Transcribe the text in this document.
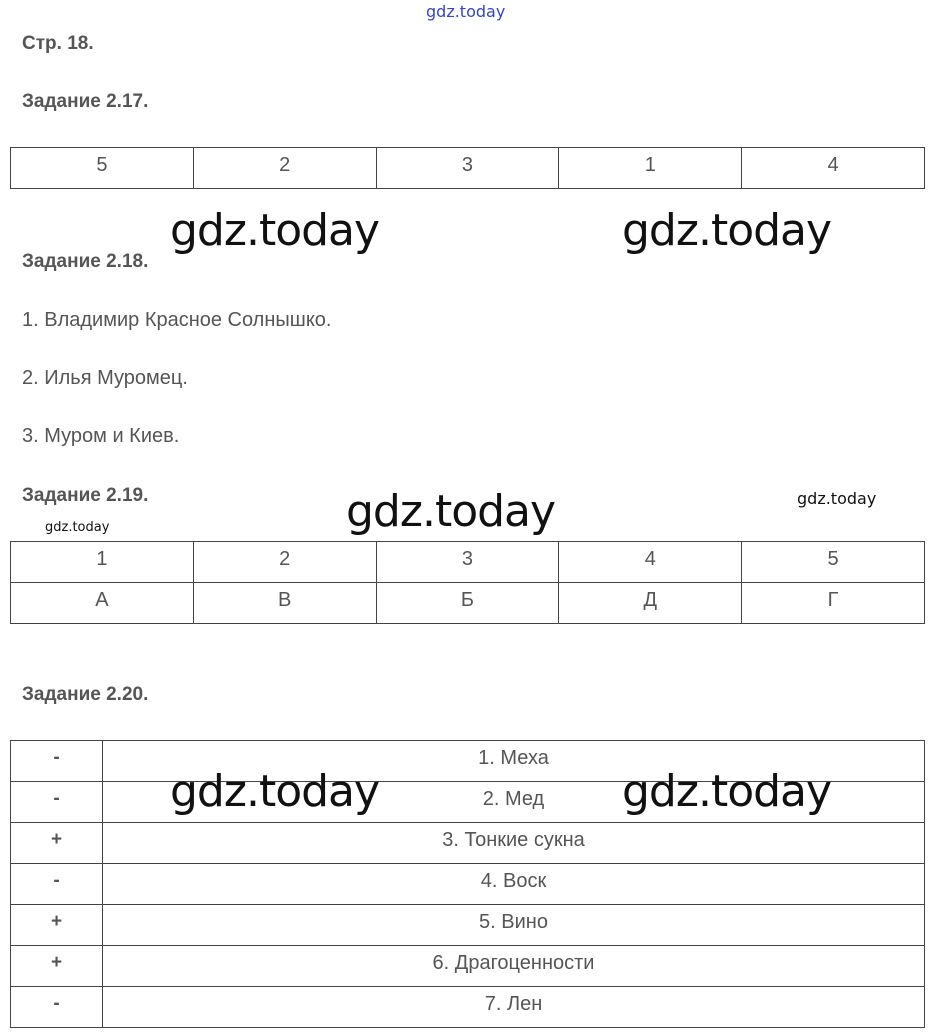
gdz.today
Стр. 18.
Задание 2.17.
5	2	3	1	4
gdz.today	gdz.today
Задание 2.18.
1. Владимир Красное Солнышко.
2. Илья Муромец.
3. Муром и Киев.
Задание 2.19.	gdz.today	gdz.today
gdz.today
1	2	3	4	5
А	В	Б	Д	Г
Задание 2.20.
-	1. Меха
-	2. Мед
+	3. Тонкие сукна
-	4. Воск
+	5. Вино
+	6. Драгоценности
-	7. Лен
gdz.today	gdz.today
